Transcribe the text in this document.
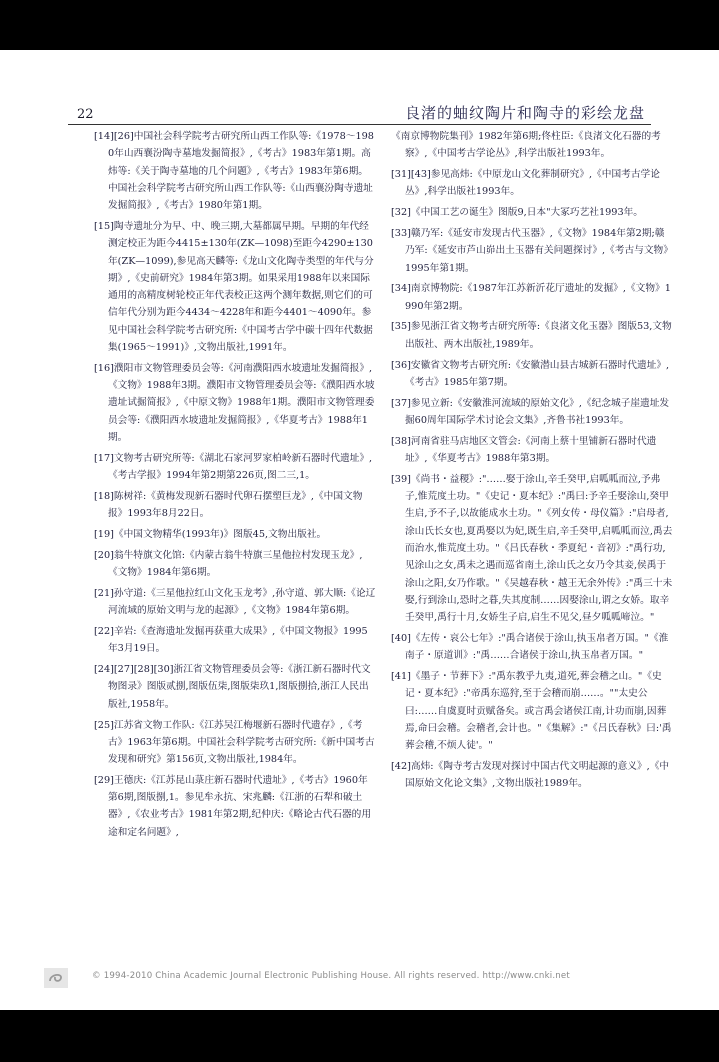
22	良渚的蚰纹陶片和陶寺的彩绘龙盘
[14][26]中国社会科学院考古研究所山西工作队等:《1978～1980年山西襄汾陶寺墓地发掘简报》,《考古》1983年第1期。高炜等:《关于陶寺墓地的几个问题》,《考古》1983年第6期。中国社会科学院考古研究所山西工作队等:《山西襄汾陶寺遗址发掘简报》,《考古》1980年第1期。
[15]陶寺遗址分为早、中、晚三期,大墓都属早期。早期的年代经测定校正为距今4415±130年(ZK—1098)至距今4290±130年(ZK—1099),参见高天麟等:《龙山文化陶寺类型的年代与分期》,《史前研究》1984年第3期。如果采用1988年以来国际通用的高精度树轮校正年代表校正这两个测年数据,则它们的可信年代分别为距今4434～4228年和距今4401～4090年。参见中国社会科学院考古研究所:《中国考古学中碳十四年代数据集(1965～1991)》,文物出版社,1991年。
[16]濮阳市文物管理委员会等:《河南濮阳西水坡遗址发掘简报》,《文物》1988年3期。濮阳市文物管理委员会等:《濮阳西水坡遗址试掘简报》,《中原文物》1988年1期。濮阳市文物管理委员会等:《濮阳西水坡遗址发掘简报》,《华夏考古》1988年1期。
[17]文物考古研究所等:《湖北石家河罗家柏岭新石器时代遗址》,《考古学报》1994年第2期第226页,图二三,1。
[18]陈树祥:《黄梅发现新石器时代卵石摆塑巨龙》,《中国文物报》1993年8月22日。
[19]《中国文物精华(1993年)》图版45,文物出版社。
[20]翁牛特旗文化馆:《内蒙古翁牛特旗三星他拉村发现玉龙》,《文物》1984年第6期。
[21]孙守道:《三星他拉红山文化玉龙考》,孙守道、郭大顺:《论辽河流域的原始文明与龙的起源》,《文物》1984年第6期。
[22]辛岩:《查海遗址发掘再获重大成果》,《中国文物报》1995年3月19日。
[24][27][28][30]浙江省文物管理委员会等:《浙江新石器时代文物图录》图版贰捌,图版伍柒,图版柒玖1,图版捌拾,浙江人民出版社,1958年。
[25]江苏省文物工作队:《江苏吴江梅堰新石器时代遗存》,《考古》1963年第6期。中国社会科学院考古研究所:《新中国考古发现和研究》第156页,文物出版社,1984年。
[29]王德庆:《江苏昆山菉庄新石器时代遗址》,《考古》1960年第6期,图版捌,1。参见牟永抗、宋兆麟:《江浙的石犁和破土器》,《农业考古》1981年第2期,纪仲庆:《略论古代石器的用途和定名问题》,
《南京博物院集刊》1982年第6期;佟柱臣:《良渚文化石器的考察》,《中国考古学论丛》,科学出版社1993年。
[31][43]参见高炜:《中原龙山文化葬制研究》,《中国考古学论丛》,科学出版社1993年。
[32]《中国工艺の诞生》图版9,日本"大冢巧艺社1993年。
[33]赣乃军:《延安市发现古代玉器》,《文物》1984年第2期;赣乃军:《延安市芦山峁出土玉器有关问题探讨》,《考古与文物》1995年第1期。
[34]南京博物院:《1987年江苏新沂花厅遗址的发掘》,《文物》1990年第2期。
[35]参见浙江省文物考古研究所等:《良渚文化玉器》图版53,文物出版社、两木出版社,1989年。
[36]安徽省文物考古研究所:《安徽潜山县古城新石器时代遗址》,《考古》1985年第7期。
[37]参见立新:《安徽淮河流域的原始文化》,《纪念城子崖遗址发掘60周年国际学术讨论会文集》,齐鲁书社1993年。
[38]河南省驻马店地区文管会:《河南上蔡十里铺新石器时代遗址》,《华夏考古》1988年第3期。
[39]《尚书・益稷》:"……娶于涂山,辛壬癸甲,启呱呱而泣,予弗子,惟荒度土功。"《史记・夏本纪》:"禹曰:予辛壬娶涂山,癸甲生启,予不子,以故能成水土功。"《列女传・母仪篇》:"启母者,涂山氏长女也,夏禹娶以为妃,既生启,辛壬癸甲,启呱呱而泣,禹去而治水,惟荒度土功。"《吕氏春秋・季夏纪・音初》:"禹行功,见涂山之女,禹未之遇而巡省南土,涂山氏之女乃令其妾,侯禹于涂山之阳,女乃作歌。"《吴越春秋・越王无余外传》:"禹三十未娶,行到涂山,恐时之暮,失其度制……因娶涂山,谓之女娇。取辛壬癸甲,禹行十月,女娇生子启,启生不见父,昼夕呱呱啼泣。"
[40]《左传・哀公七年》:"禹合诸侯于涂山,执玉帛者万国。"《淮南子・原道训》:"禹……合诸侯于涂山,执玉帛者万国。"
[41]《墨子・节葬下》:"禹东教乎九夷,道死,葬会稽之山。"《史记・夏本纪》:"帝禹东巡狩,至于会稽而崩……。""太史公曰:……自虞夏时贡赋备矣。或言禹会诸侯江南,计功而崩,因葬焉,命曰会稽。会稽者,会计也。"《集解》:"《吕氏春秋》曰:'禹葬会稽,不烦人徒'。"
[42]高炜:《陶寺考古发现对探讨中国古代文明起源的意义》,《中国原始文化论文集》,文物出版社1989年。
© 1994-2010 China Academic Journal Electronic Publishing House. All rights reserved. http://www.cnki.net
